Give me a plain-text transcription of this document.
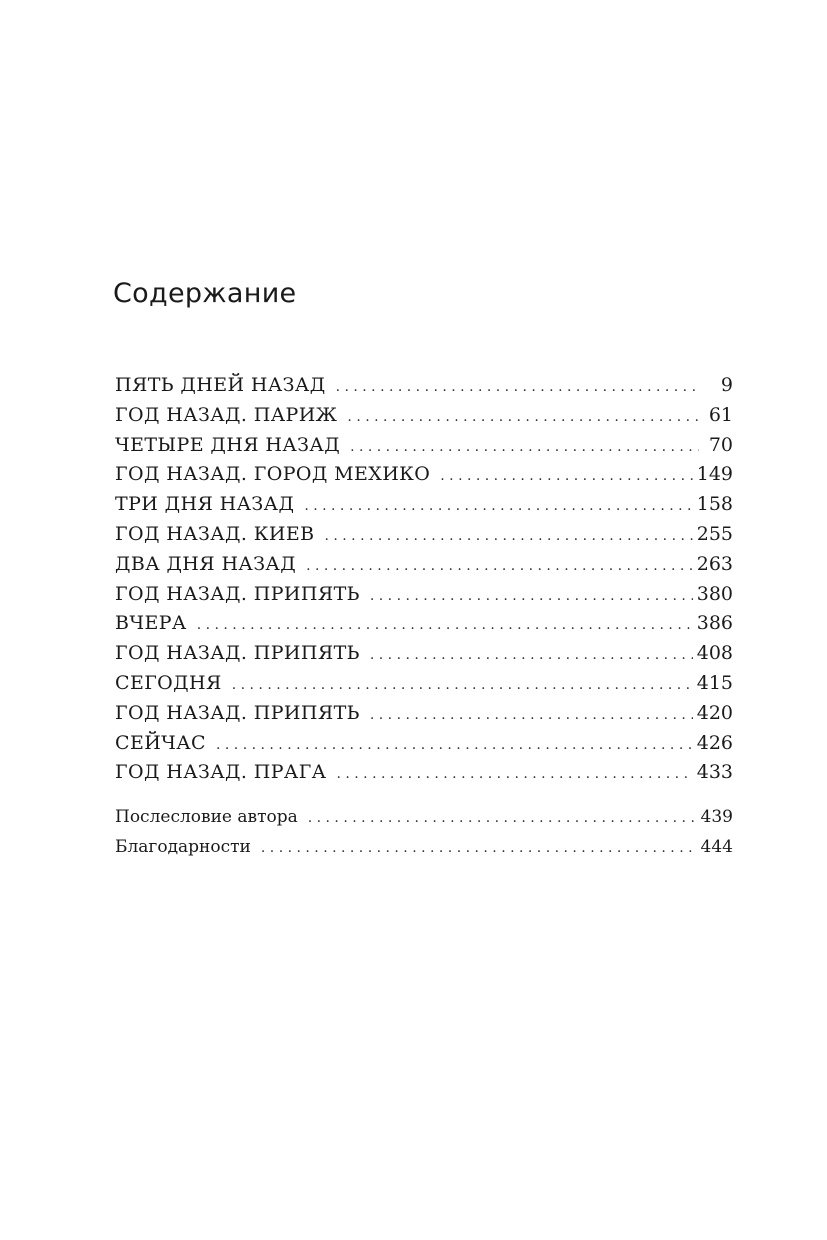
Содержание
ПЯТЬ ДНЕЙ НАЗАД . . .	9
ГОД НАЗАД. ПАРИЖ . . .	61
ЧЕТЫРЕ ДНЯ НАЗАД . . .	70
ГОД НАЗАД. ГОРОД МЕХИКО . . .	149
ТРИ ДНЯ НАЗАД . . .	158
ГОД НАЗАД. КИЕВ . . .	255
ДВА ДНЯ НАЗАД . . .	263
ГОД НАЗАД. ПРИПЯТЬ . . .	380
ВЧЕРА . . .	386
ГОД НАЗАД. ПРИПЯТЬ . . .	408
СЕГОДНЯ . . .	415
ГОД НАЗАД. ПРИПЯТЬ . . .	420
СЕЙЧАС . . .	426
ГОД НАЗАД. ПРАГА . . .	433
Послесловие автора . . .	439
Благодарности . . .	444
